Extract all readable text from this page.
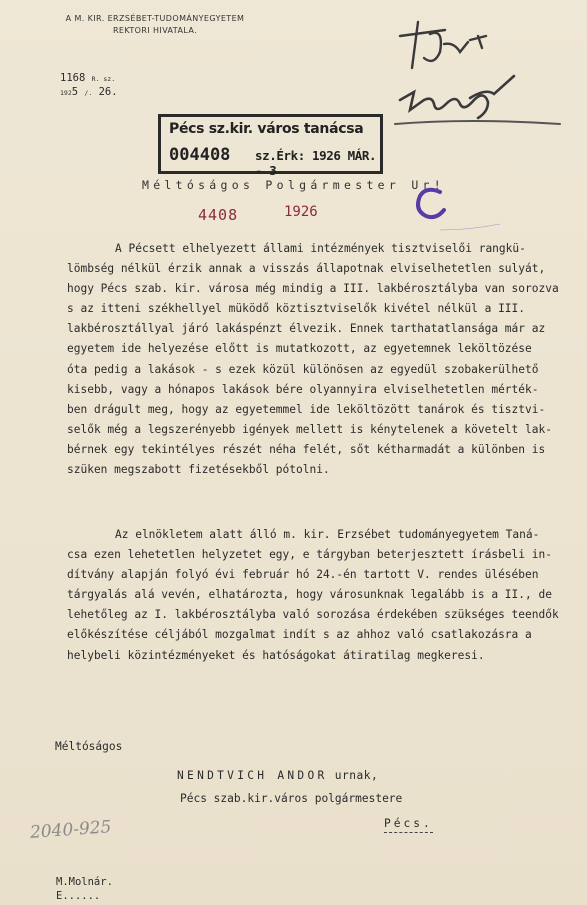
A M. KIR. ERZSÉBET-TUDOMÁNYEGYETEM
REKTORI HIVATALA.
1168 R. sz.
1925 /. 26.
Pécs sz.kir. város tanácsa
004408 sz.Érk: 1926 MÁR. - 3
Méltóságos Polgármester Ur!
4408	1926
A Pécsett elhelyezett állami intézmények tisztviselői rangkü-
lömbség nélkül érzik annak a visszás állapotnak elviselhetetlen sulyát,
hogy Pécs szab. kir. városa még mindig a III. lakbérosztályba van sorozva
s az itteni székhellyel müködő köztisztviselők kivétel nélkül a III.
lakbérosztállyal járó lakáspénzt élvezik. Ennek tarthatatlansága már az
egyetem ide helyezése előtt is mutatkozott, az egyetemnek leköltözése
óta pedig a lakások - s ezek közül különösen az egyedül szobakerülhető
kisebb, vagy a hónapos lakások bére olyannyira elviselhetetlen mérték-
ben drágult meg, hogy az egyetemmel ide leköltözött tanárok és tisztvi-
selők még a legszerényebb igények mellett is kénytelenek a követelt lak-
bérnek egy tekintélyes részét néha felét, sőt kétharmadát a különben is
szüken megszabott fizetésekből pótolni.
Az elnökletem alatt álló m. kir. Erzsébet tudományegyetem Taná-
csa ezen lehetetlen helyzetet egy, e tárgyban beterjesztett írásbeli in-
dítvány alapján folyó évi február hó 24.-én tartott V. rendes ülésében
tárgyalás alá vevén, elhatározta, hogy városunknak legalább is a II., de
lehetőleg az I. lakbérosztályba való sorozása érdekében szükséges teendők
előkészítése céljából mozgalmat indít s az ahhoz való csatlakozásra a
helybeli közintézményeket és hatóságokat átiratilag megkeresi.
Méltóságos
NENDTVICH ANDOR urnak,
Pécs szab.kir.város polgármestere
Pécs.
2040-925
M.Molnár.
E......
